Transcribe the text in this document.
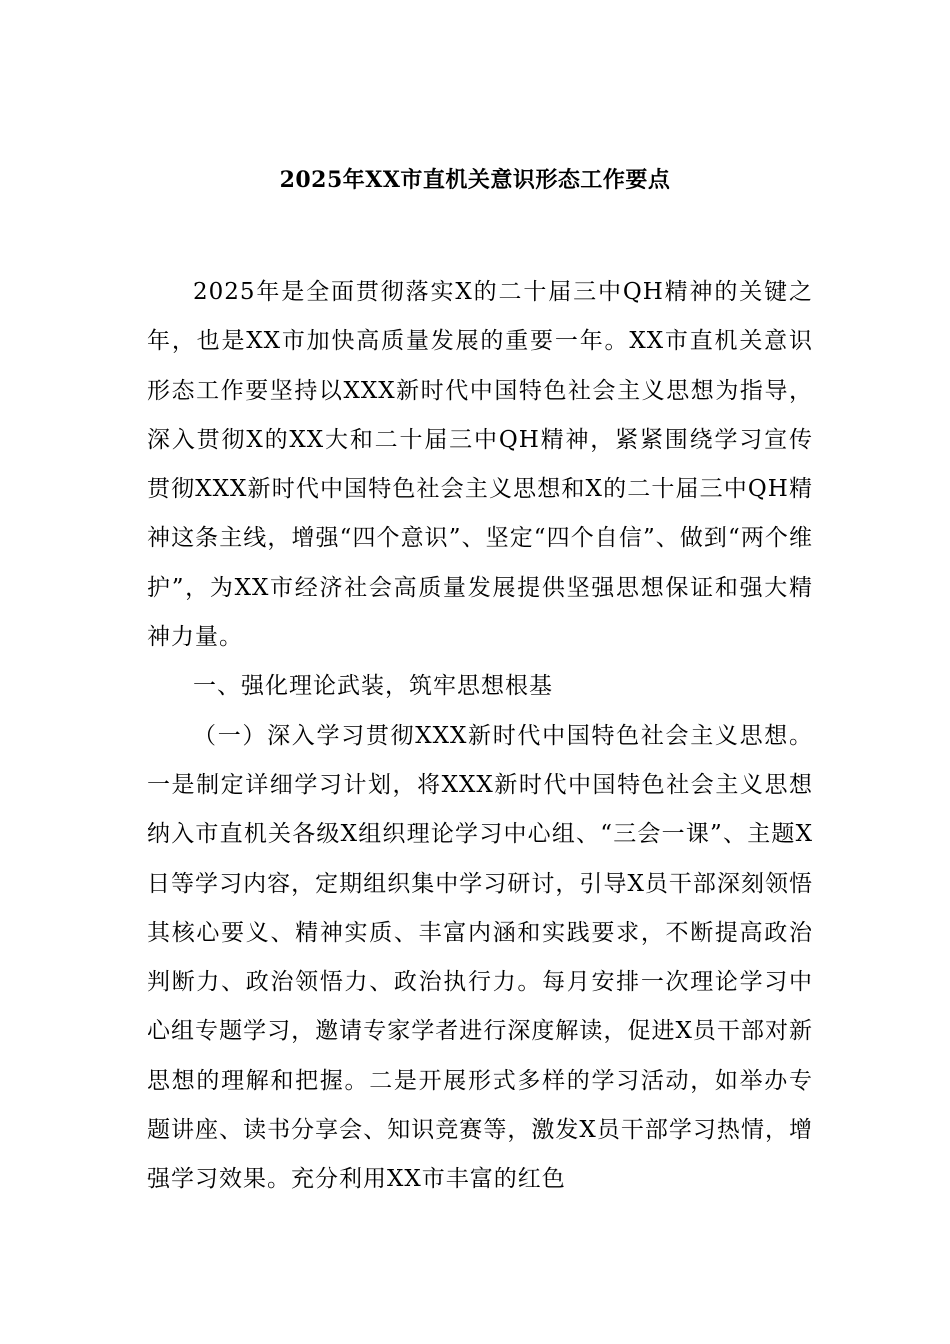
2025年XX市直机关意识形态工作要点

2025年是全面贯彻落实X的二十届三中QH精神的关键之年，也是XX市加快高质量发展的重要一年。XX市直机关意识形态工作要坚持以XXX新时代中国特色社会主义思想为指导，深入贯彻X的XX大和二十届三中QH精神，紧紧围绕学习宣传贯彻XXX新时代中国特色社会主义思想和X的二十届三中QH精神这条主线，增强“四个意识”、坚定“四个自信”、做到“两个维护”，为XX市经济社会高质量发展提供坚强思想保证和强大精神力量。

一、强化理论武装，筑牢思想根基

（一）深入学习贯彻XXX新时代中国特色社会主义思想。一是制定详细学习计划，将XXX新时代中国特色社会主义思想纳入市直机关各级X组织理论学习中心组、“三会一课”、主题X日等学习内容，定期组织集中学习研讨，引导X员干部深刻领悟其核心要义、精神实质、丰富内涵和实践要求，不断提高政治判断力、政治领悟力、政治执行力。每月安排一次理论学习中心组专题学习，邀请专家学者进行深度解读，促进X员干部对新思想的理解和把握。二是开展形式多样的学习活动，如举办专题讲座、读书分享会、知识竞赛等，激发X员干部学习热情，增强学习效果。充分利用XX市丰富的红色
